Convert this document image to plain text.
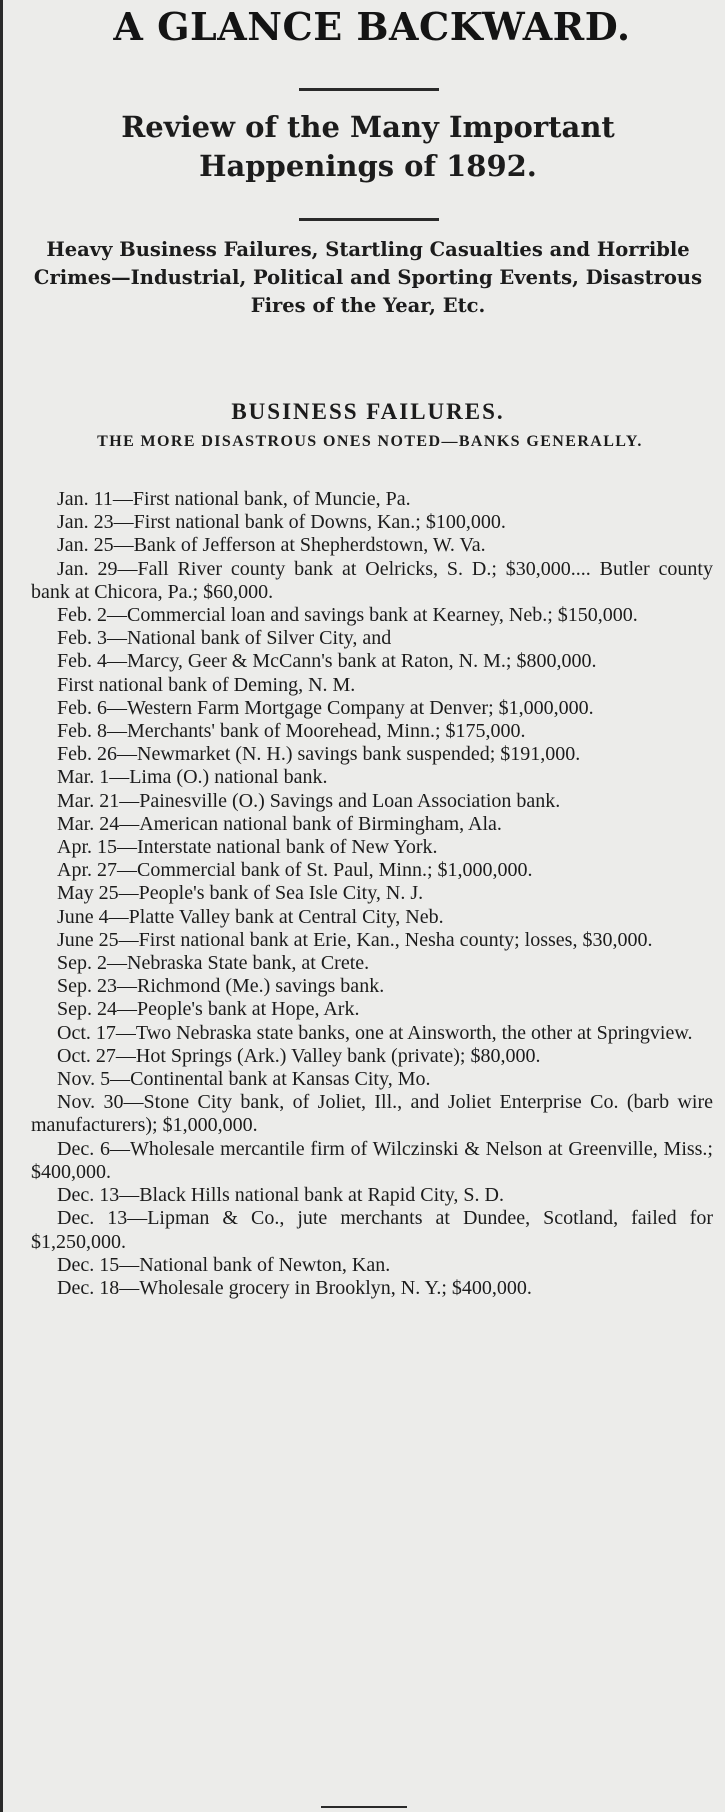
A GLANCE BACKWARD.
Review of the Many Important Happenings of 1892.
Heavy Business Failures, Startling Casualties and Horrible Crimes—Industrial, Political and Sporting Events, Disastrous Fires of the Year, Etc.
BUSINESS FAILURES.
THE MORE DISASTROUS ONES NOTED—BANKS GENERALLY.

Jan. 11—First national bank, of Muncie, Pa.

Jan. 23—First national bank of Downs, Kan.; $100,000.

Jan. 25—Bank of Jefferson at Shepherdstown, W. Va.

Jan. 29—Fall River county bank at Oelricks, S. D.; $30,000.... Butler county bank at Chicora, Pa.; $60,000.

Feb. 2—Commercial loan and savings bank at Kearney, Neb.; $150,000.

Feb. 3—National bank of Silver City, and

Feb. 4—Marcy, Geer & McCann's bank at Raton, N. M.; $800,000.

First national bank of Deming, N. M.

Feb. 6—Western Farm Mortgage Company at Denver; $1,000,000.

Feb. 8—Merchants' bank of Moorehead, Minn.; $175,000.

Feb. 26—Newmarket (N. H.) savings bank suspended; $191,000.

Mar. 1—Lima (O.) national bank.

Mar. 21—Painesville (O.) Savings and Loan Association bank.

Mar. 24—American national bank of Birmingham, Ala.

Apr. 15—Interstate national bank of New York.

Apr. 27—Commercial bank of St. Paul, Minn.; $1,000,000.

May 25—People's bank of Sea Isle City, N. J.

June 4—Platte Valley bank at Central City, Neb.

June 25—First national bank at Erie, Kan., Nesha county; losses, $30,000.

Sep. 2—Nebraska State bank, at Crete.

Sep. 23—Richmond (Me.) savings bank.

Sep. 24—People's bank at Hope, Ark.

Oct. 17—Two Nebraska state banks, one at Ainsworth, the other at Springview.

Oct. 27—Hot Springs (Ark.) Valley bank (private); $80,000.

Nov. 5—Continental bank at Kansas City, Mo.

Nov. 30—Stone City bank, of Joliet, Ill., and Joliet Enterprise Co. (barb wire manufacturers); $1,000,000.

Dec. 6—Wholesale mercantile firm of Wilczinski & Nelson at Greenville, Miss.; $400,000.

Dec. 13—Black Hills national bank at Rapid City, S. D.

Dec. 13—Lipman & Co., jute merchants at Dundee, Scotland, failed for $1,250,000.

Dec. 15—National bank of Newton, Kan.

Dec. 18—Wholesale grocery in Brooklyn, N. Y.; $400,000.
